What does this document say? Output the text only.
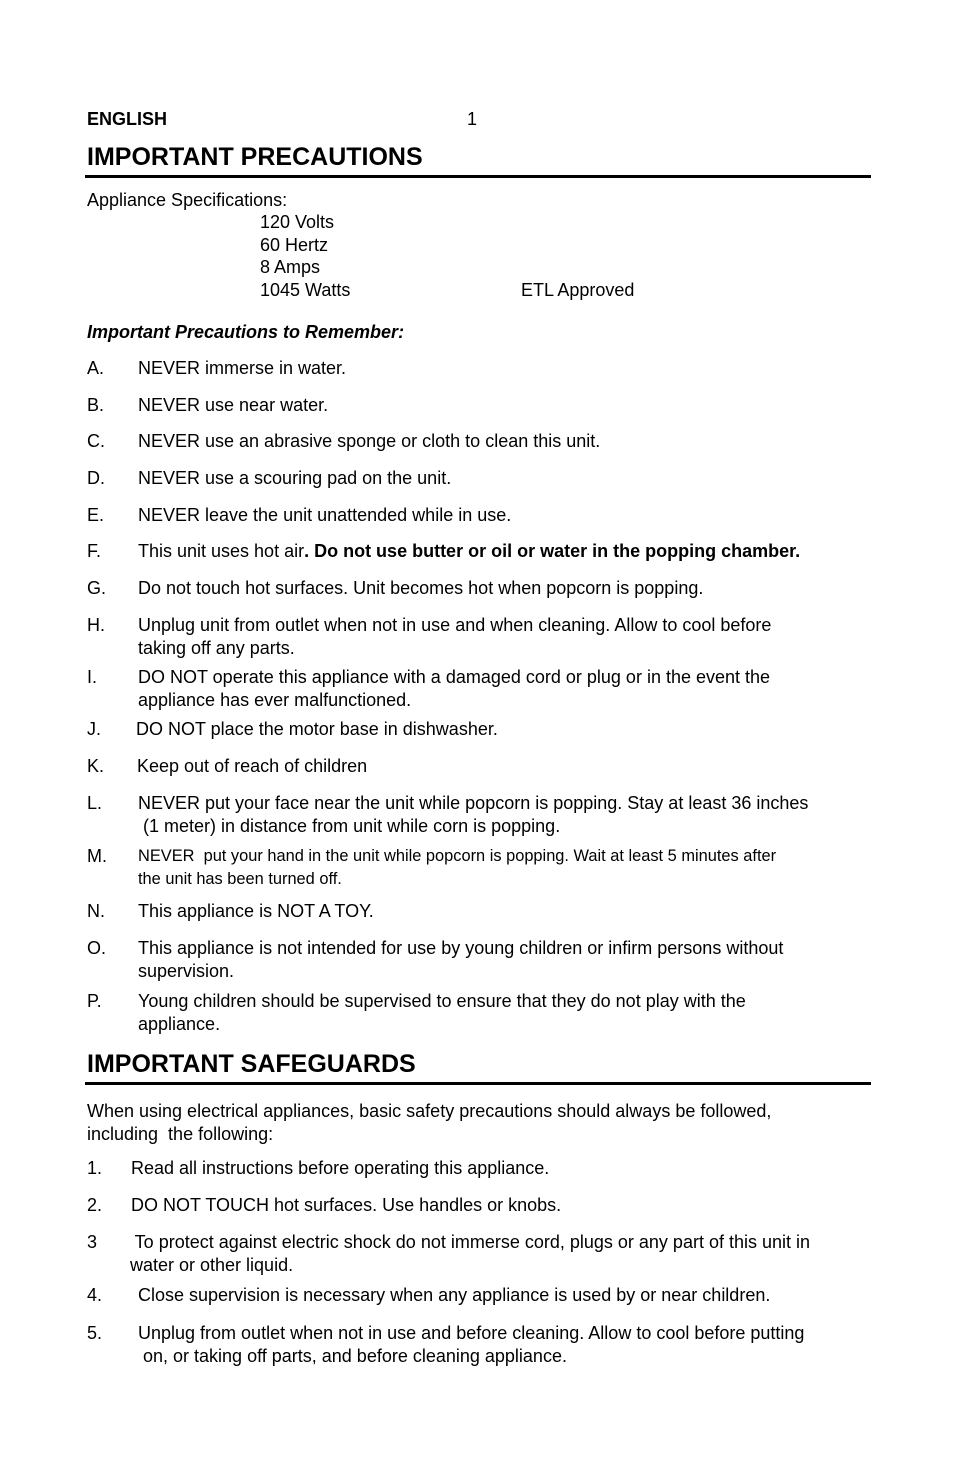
ENGLISH	1
IMPORTANT PRECAUTIONS
Appliance Specifications:
120 Volts
60 Hertz
8 Amps
1045 Watts	ETL Approved
Important Precautions to Remember:
A. NEVER immerse in water.
B. NEVER use near water.
C. NEVER use an abrasive sponge or cloth to clean this unit.
D. NEVER use a scouring pad on the unit.
E. NEVER leave the unit unattended while in use.
F. This unit uses hot air. Do not use butter or oil or water in the popping chamber.
G. Do not touch hot surfaces. Unit becomes hot when popcorn is popping.
H. Unplug unit from outlet when not in use and when cleaning. Allow to cool before
taking off any parts.
I. DO NOT operate this appliance with a damaged cord or plug or in the event the
appliance has ever malfunctioned.
J. DO NOT place the motor base in dishwasher.
K. Keep out of reach of children
L. NEVER put your face near the unit while popcorn is popping. Stay at least 36 inches
(1 meter) in distance from unit while corn is popping.
M. NEVER  put your hand in the unit while popcorn is popping. Wait at least 5 minutes after
the unit has been turned off.
N. This appliance is NOT A TOY.
O. This appliance is not intended for use by young children or infirm persons without
supervision.
P. Young children should be supervised to ensure that they do not play with the
appliance.
IMPORTANT SAFEGUARDS
When using electrical appliances, basic safety precautions should always be followed,
including  the following:
1. Read all instructions before operating this appliance.
2. DO NOT TOUCH hot surfaces. Use handles or knobs.
3 To protect against electric shock do not immerse cord, plugs or any part of this unit in
water or other liquid.
4. Close supervision is necessary when any appliance is used by or near children.
5. Unplug from outlet when not in use and before cleaning. Allow to cool before putting
on, or taking off parts, and before cleaning appliance.
